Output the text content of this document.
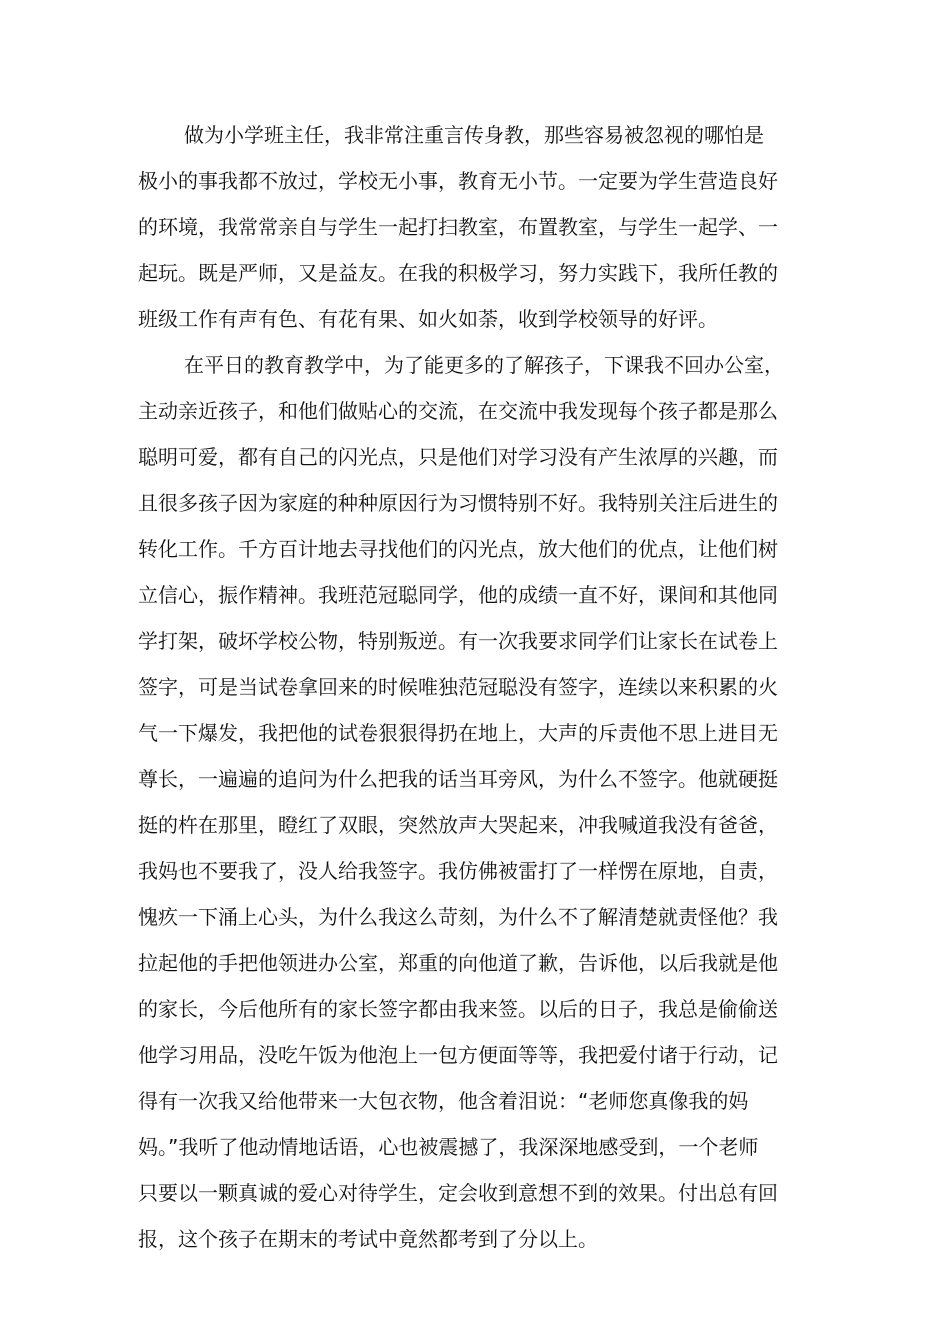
做为小学班主任，我非常注重言传身教，那些容易被忽视的哪怕是
极小的事我都不放过，学校无小事，教育无小节。一定要为学生营造良好
的环境，我常常亲自与学生一起打扫教室，布置教室，与学生一起学、一
起玩。既是严师，又是益友。在我的积极学习，努力实践下，我所任教的
班级工作有声有色、有花有果、如火如荼，收到学校领导的好评。
在平日的教育教学中，为了能更多的了解孩子，下课我不回办公室，
主动亲近孩子，和他们做贴心的交流，在交流中我发现每个孩子都是那么
聪明可爱，都有自己的闪光点，只是他们对学习没有产生浓厚的兴趣，而
且很多孩子因为家庭的种种原因行为习惯特别不好。我特别关注后进生的
转化工作。千方百计地去寻找他们的闪光点，放大他们的优点，让他们树
立信心，振作精神。我班范冠聪同学，他的成绩一直不好，课间和其他同
学打架，破坏学校公物，特别叛逆。有一次我要求同学们让家长在试卷上
签字，可是当试卷拿回来的时候唯独范冠聪没有签字，连续以来积累的火
气一下爆发，我把他的试卷狠狠得扔在地上，大声的斥责他不思上进目无
尊长，一遍遍的追问为什么把我的话当耳旁风，为什么不签字。他就硬挺
挺的杵在那里，瞪红了双眼，突然放声大哭起来，冲我喊道我没有爸爸，
我妈也不要我了，没人给我签字。我仿佛被雷打了一样愣在原地，自责，
愧疚一下涌上心头，为什么我这么苛刻，为什么不了解清楚就责怪他？我
拉起他的手把他领进办公室，郑重的向他道了歉，告诉他，以后我就是他
的家长，今后他所有的家长签字都由我来签。以后的日子，我总是偷偷送
他学习用品，没吃午饭为他泡上一包方便面等等，我把爱付诸于行动，记
得有一次我又给他带来一大包衣物，他含着泪说：“老师您真像我的妈
妈。”我听了他动情地话语，心也被震撼了，我深深地感受到，一个老师
只要以一颗真诚的爱心对待学生，定会收到意想不到的效果。付出总有回
报，这个孩子在期末的考试中竟然都考到了分以上。
